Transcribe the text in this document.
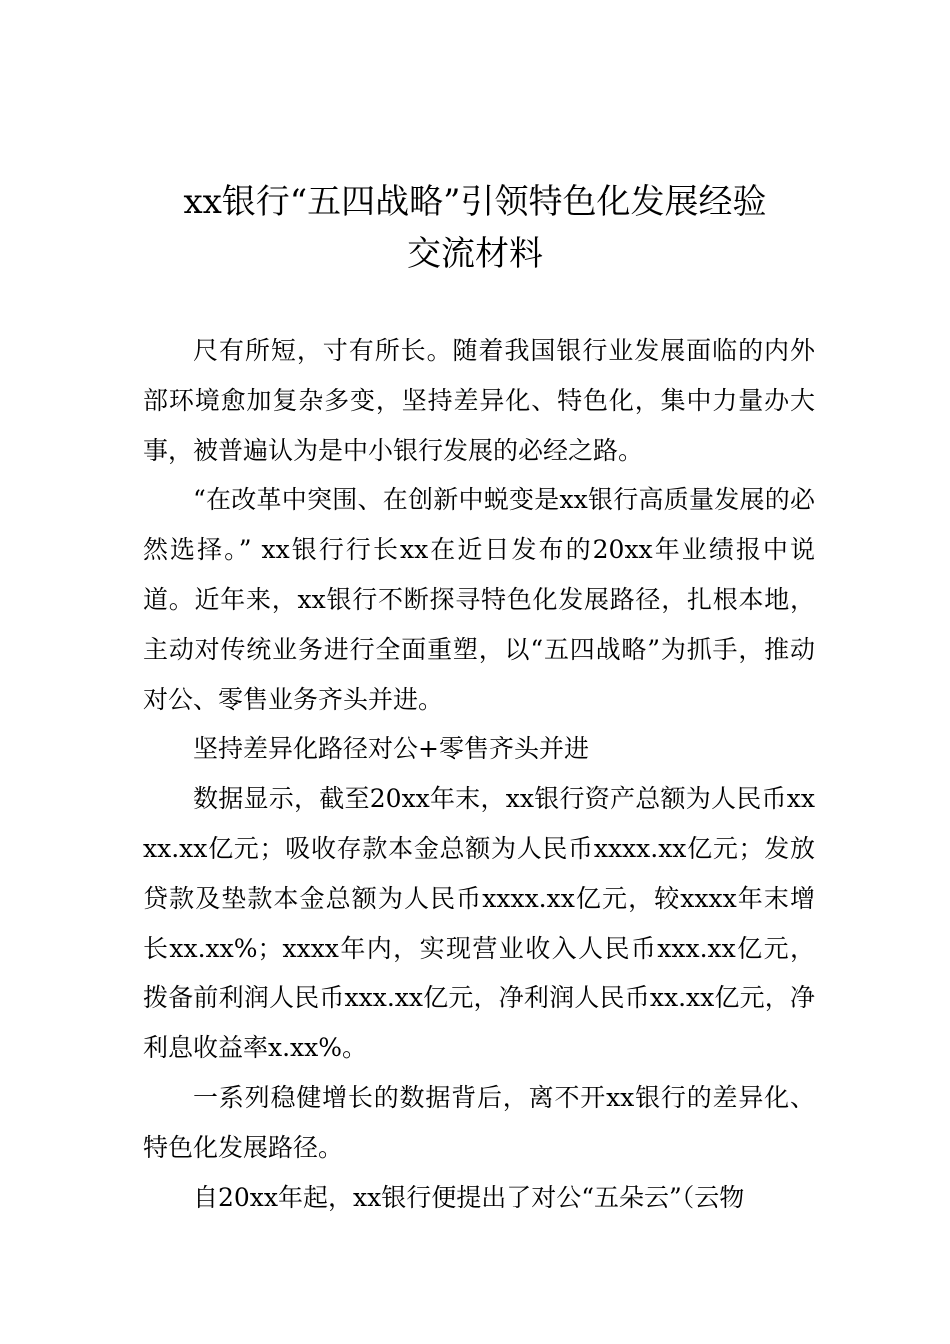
xx银行“五四战略”引领特色化发展经验
交流材料

尺有所短，寸有所长。随着我国银行业发展面临的内外部环境愈加复杂多变，坚持差异化、特色化，集中力量办大事，被普遍认为是中小银行发展的必经之路。

“在改革中突围、在创新中蜕变是xx银行高质量发展的必然选择。” xx银行行长xx在近日发布的20xx年业绩报中说道。近年来，xx银行不断探寻特色化发展路径，扎根本地，主动对传统业务进行全面重塑，以“五四战略”为抓手，推动对公、零售业务齐头并进。

坚持差异化路径对公+零售齐头并进

数据显示，截至20xx年末，xx银行资产总额为人民币xxxx.xx亿元；吸收存款本金总额为人民币xxxx.xx亿元；发放贷款及垫款本金总额为人民币xxxx.xx亿元，较xxxx年末增长xx.xx%；xxxx年内，实现营业收入人民币xxx.xx亿元，拨备前利润人民币xxx.xx亿元，净利润人民币xx.xx亿元，净利息收益率x.xx%。

一系列稳健增长的数据背后，离不开xx银行的差异化、特色化发展路径。

自20xx年起，xx银行便提出了对公“五朵云”（云物
